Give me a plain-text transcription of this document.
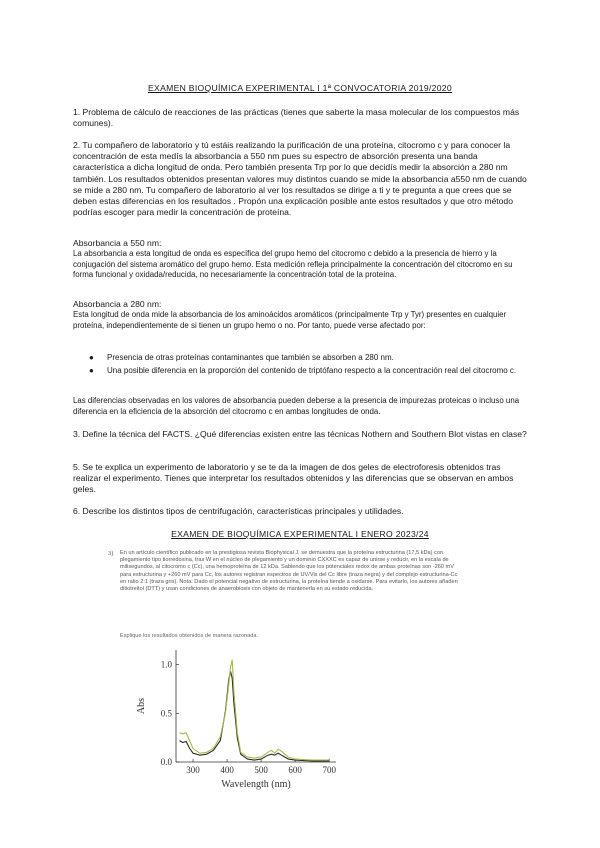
EXAMEN BIOQUÍMICA EXPERIMENTAL I 1ª CONVOCATORIA 2019/2020
1. Problema de cálculo de reacciones de las prácticas (tienes que saberte la masa molecular de los compuestos más comunes).
2. Tu compañero de laboratorio y tú estáis realizando la purificación de una proteína, citocromo c y para conocer la concentración de esta medís la absorbancia a 550 nm pues su espectro de absorción presenta una banda característica a dicha longitud de onda. Pero también presenta Trp por lo que decidís medir la absorción a 280 nm también. Los resultados obtenidos presentan valores muy distintos cuando se mide la absorbancia a550 nm de cuando se mide a 280 nm. Tu compañero de laboratorio al ver los resultados se dirige a ti y te pregunta a que crees que se deben estas diferencias en los resultados . Propón una explicación posible ante estos resultados y que otro método podrías escoger para medir la concentración de proteína.
Absorbancia a 550 nm:
La absorbancia a esta longitud de onda es específica del grupo hemo del citocromo c debido a la presencia de hierro y la conjugación del sistema aromático del grupo hemo. Esta medición refleja principalmente la concentración del citocromo en su forma funcional y oxidada/reducida, no necesariamente la concentración total de la proteína.
Absorbancia a 280 nm:
Esta longitud de onda mide la absorbancia de los aminoácidos aromáticos (principalmente Trp y Tyr) presentes en cualquier proteína, independientemente de si tienen un grupo hemo o no. Por tanto, puede verse afectado por:
● Presencia de otras proteínas contaminantes que también se absorben a 280 nm.
● Una posible diferencia en la proporción del contenido de triptófano respecto a la concentración real del citocromo c.
Las diferencias observadas en los valores de absorbancia pueden deberse a la presencia de impurezas proteicas o incluso una diferencia en la eficiencia de la absorción del citocromo c en ambas longitudes de onda.
3. Define la técnica del FACTS. ¿Qué diferencias existen entre las técnicas Nothern and Southern Blot vistas en clase?
5. Se te explica un experimento de laboratorio y se te da la imagen de dos geles de electroforesis obtenidos tras realizar el experimento. Tienes que interpretar los resultados obtenidos y las diferencias que se observan en ambos geles.
6. Describe los distintos tipos de centrifugación, características principales y utilidades.
EXAMEN DE BIOQUÍMICA EXPERIMENTAL I ENERO 2023/24
3) En un artículo científico publicado en la prestigiosa revista Biophysical J. se demuestra que la proteína estructurina (17,5 kDa) con plegamiento tipo tiorredoxina, tras W en el núcleo de plegamiento y un dominio CXXXC es capaz de unirse y reducir, en la escala de milisegundos, al citocromo c (Cc), una hemoproteína de 12 kDa. Sabiendo que los potenciales redox de ambas proteínas son -260 mV para estructurina y +260 mV para Cc, los autores registran espectros de UV/Vis del Cc libre (traza negra) y del complejo estructurina-Cc en ratio 2:1 (traza gris). Nota: Dado el potencial negativo de estructurina, la proteína tiende a oxidarse. Para evitarlo, los autores añaden ditiotreitol (DTT) y usan condiciones de anaerobiosis con objeto de mantenerla en su estado reducida.
Explique los resultados obtenidos de manera razonada.
300 400 500 600 700
0.0
0.5
1.0
Wavelength (nm)
Abs
